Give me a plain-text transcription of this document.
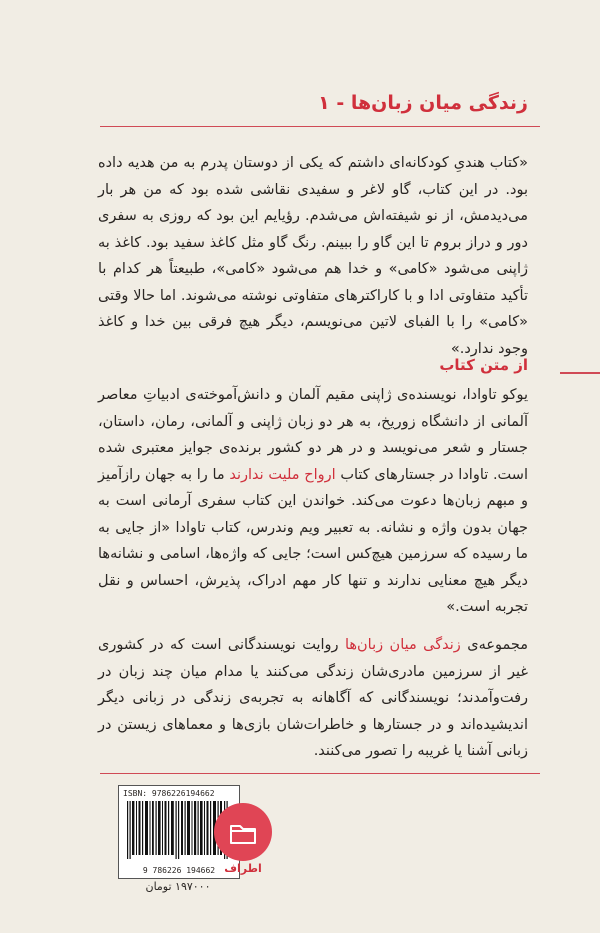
زندگی میان زبان‌ها - ۱
«کتاب هندیِ کودکانه‌ای داشتم که یکی از دوستان پدرم به من هدیه داده بود. در این کتاب، گاو لاغر و سفیدی نقاشی شده بود که من هر بار می‌دیدمش، از نو شیفته‌اش می‌شدم. رؤیایم این بود که روزی به سفری دور و دراز بروم تا این گاو را ببینم. رنگ گاو مثل کاغذ سفید بود. کاغذ به ژاپنی می‌شود «کامی» و خدا هم می‌شود «کامی»، طبیعتاً هر کدام با تأکید متفاوتی ادا و با کاراکترهای متفاوتی نوشته می‌شوند. اما حالا وقتی «کامی» را با الفبای لاتین می‌نویسم، دیگر هیچ فرقی بین خدا و کاغذ وجود ندارد.»
از متن کتاب
یوکو تاوادا، نویسنده‌ی ژاپنی مقیم آلمان و دانش‌آموخته‌ی ادبیاتِ معاصر آلمانی از دانشگاه زوریخ، به هر دو زبان ژاپنی و آلمانی، رمان، داستان، جستار و شعر می‌نویسد و در هر دو کشور برنده‌ی جوایز معتبری شده است. تاوادا در جستارهای کتاب ارواح ملیت ندارند ما را به جهان رازآمیز و مبهم زبان‌ها دعوت می‌کند. خواندن این کتاب سفری آرمانی است به جهان بدون واژه و نشانه. به تعبیر ویم وندرس، کتاب تاوادا «از جایی به ما رسیده که سرزمین هیچ‌کس است؛ جایی که واژه‌ها، اسامی و نشانه‌ها دیگر هیچ معنایی ندارند و تنها کار مهم ادراک، پذیرش، احساس و نقل تجربه است.»
مجموعه‌ی زندگی میان زبان‌ها روایت نویسندگانی است که در کشوری غیر از سرزمین مادری‌شان زندگی می‌کنند یا مدام میان چند زبان در رفت‌وآمدند؛ نویسندگانی که آگاهانه به تجربه‌ی زندگی در زبانی دیگر اندیشیده‌اند و در جستارها و خاطرات‌شان بازی‌ها و معماهای زیستن در زبانی آشنا یا غریبه را تصور می‌کنند.
ISBN: 9786226194662
9 786226 194662
۱۹۷۰۰۰ تومان
اطراف
